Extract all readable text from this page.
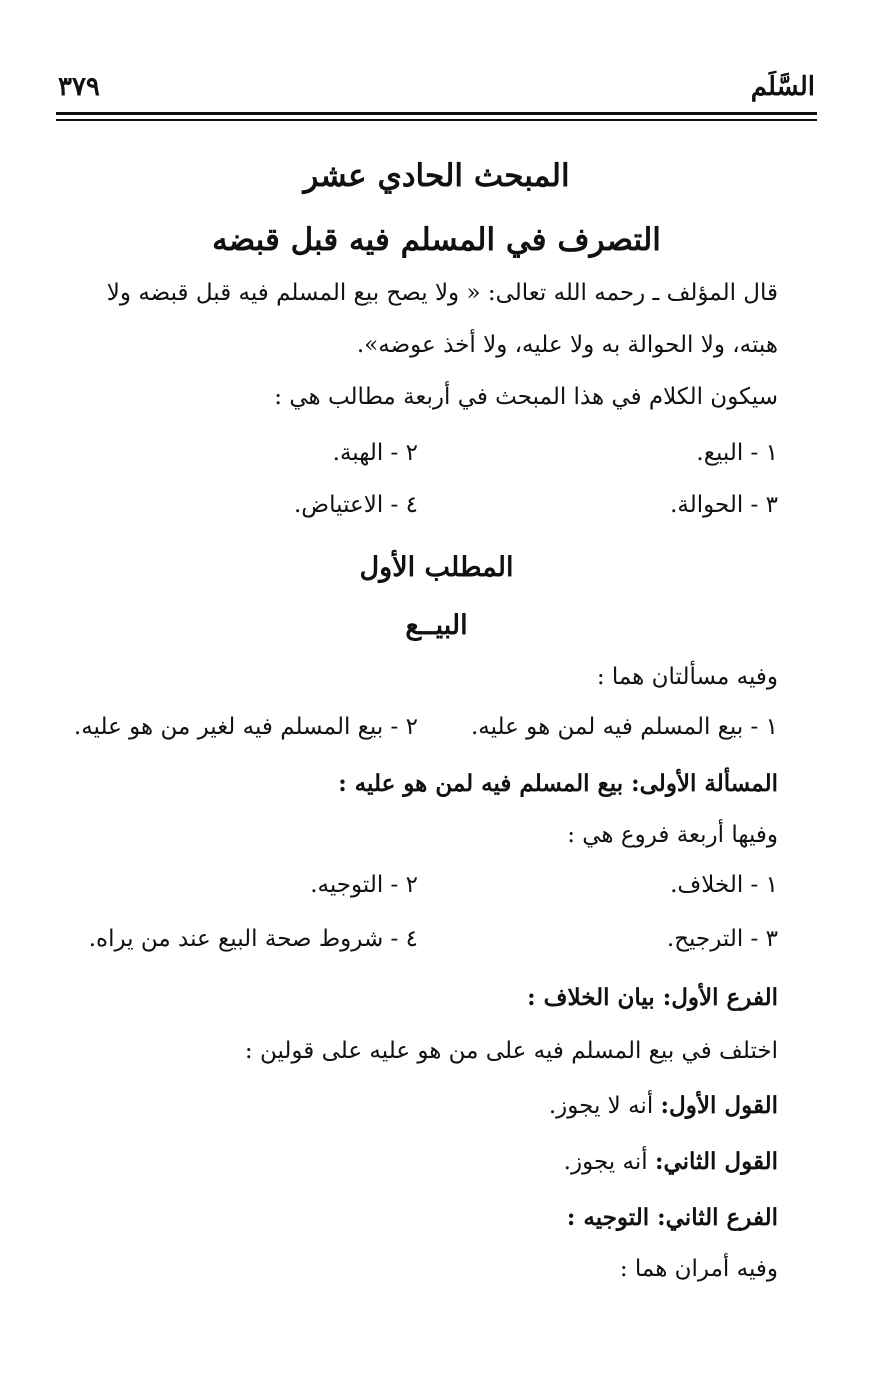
السَّلَم
٣٧٩
المبحث الحادي عشر
التصرف في المسلم فيه قبل قبضه
قال المؤلف ـ رحمه الله تعالى: « ولا يصح بيع المسلم فيه قبل قبضه ولا
هبته، ولا الحوالة به ولا عليه، ولا أخذ عوضه».
سيكون الكلام في هذا المبحث في أربعة مطالب هي :
١ - البيع.
٢ - الهبة.
٣ - الحوالة.
٤ - الاعتياض.
المطلب الأول
البيــع
وفيه مسألتان هما :
١ - بيع المسلم فيه لمن هو عليه.
٢ - بيع المسلم فيه لغير من هو عليه.
المسألة الأولى: بيع المسلم فيه لمن هو عليه :
وفيها أربعة فروع هي :
١ - الخلاف.
٢ - التوجيه.
٣ - الترجيح.
٤ - شروط صحة البيع عند من يراه.
الفرع الأول: بيان الخلاف :
اختلف في بيع المسلم فيه على من هو عليه على قولين :
القول الأول: أنه لا يجوز.
القول الثاني: أنه يجوز.
الفرع الثاني: التوجيه :
وفيه أمران هما :
